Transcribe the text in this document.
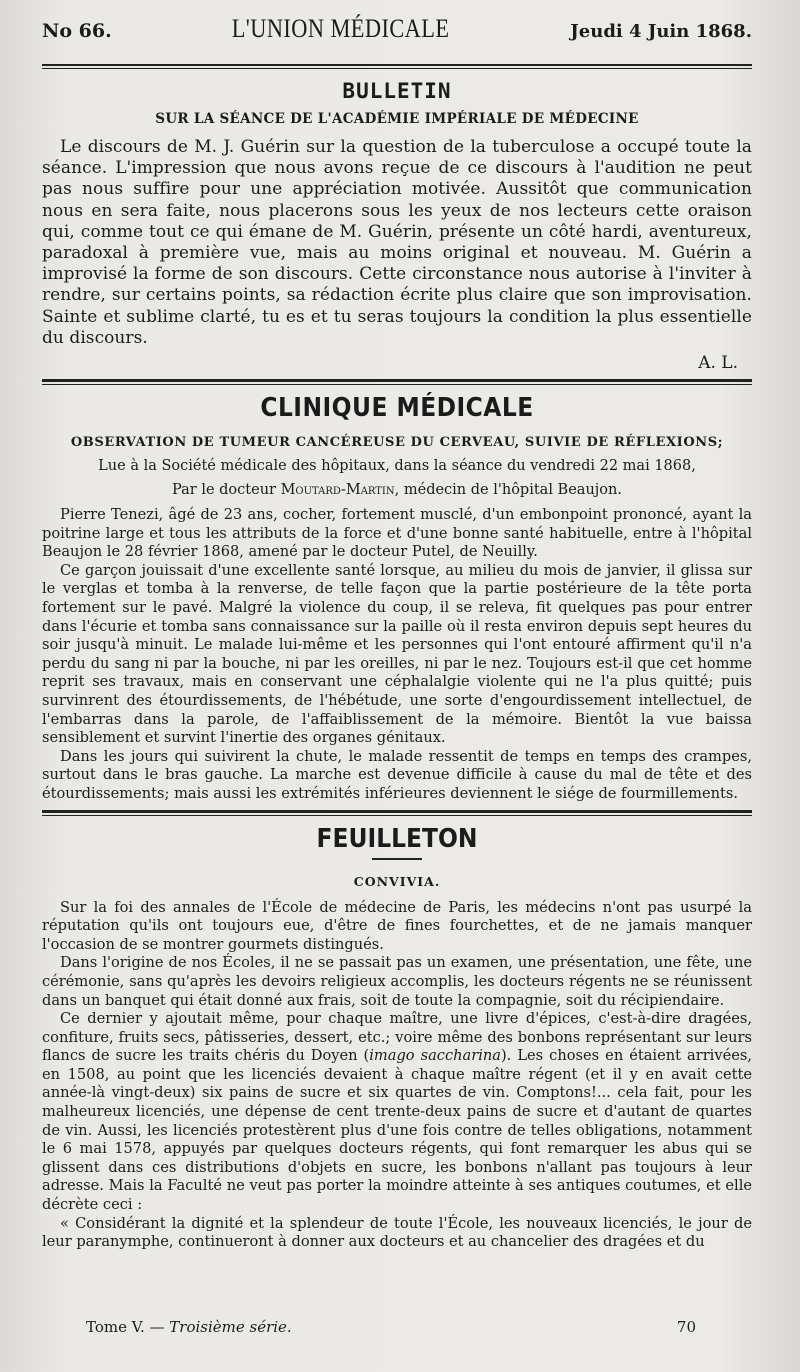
No 66.	L'UNION MÉDICALE	Jeudi 4 Juin 1868.
BULLETIN
SUR LA SÉANCE DE L'ACADÉMIE IMPÉRIALE DE MÉDECINE

Le discours de M. J. Guérin sur la question de la tuberculose a occupé toute la séance. L'impression que nous avons reçue de ce discours à l'audition ne peut pas nous suffire pour une appréciation motivée. Aussitôt que communication nous en sera faite, nous placerons sous les yeux de nos lecteurs cette oraison qui, comme tout ce qui émane de M. Guérin, présente un côté hardi, aventureux, paradoxal à première vue, mais au moins original et nouveau. M. Guérin a improvisé la forme de son discours. Cette circonstance nous autorise à l'inviter à rendre, sur certains points, sa rédaction écrite plus claire que son improvisation. Sainte et sublime clarté, tu es et tu seras toujours la condition la plus essentielle du discours.

A. L.
CLINIQUE MÉDICALE
OBSERVATION DE TUMEUR CANCÉREUSE DU CERVEAU, SUIVIE DE RÉFLEXIONS;
Lue à la Société médicale des hôpitaux, dans la séance du vendredi 22 mai 1868,
Par le docteur Moutard-Martin, médecin de l'hôpital Beaujon.

Pierre Tenezi, âgé de 23 ans, cocher, fortement musclé, d'un embonpoint prononcé, ayant la poitrine large et tous les attributs de la force et d'une bonne santé habituelle, entre à l'hôpital Beaujon le 28 février 1868, amené par le docteur Putel, de Neuilly.

Ce garçon jouissait d'une excellente santé lorsque, au milieu du mois de janvier, il glissa sur le verglas et tomba à la renverse, de telle façon que la partie postérieure de la tête porta fortement sur le pavé. Malgré la violence du coup, il se releva, fit quelques pas pour entrer dans l'écurie et tomba sans connaissance sur la paille où il resta environ depuis sept heures du soir jusqu'à minuit. Le malade lui-même et les personnes qui l'ont entouré affirment qu'il n'a perdu du sang ni par la bouche, ni par les oreilles, ni par le nez. Toujours est-il que cet homme reprit ses travaux, mais en conservant une céphalalgie violente qui ne l'a plus quitté; puis survinrent des étourdissements, de l'hébétude, une sorte d'engourdissement intellectuel, de l'embarras dans la parole, de l'affaiblissement de la mémoire. Bientôt la vue baissa sensiblement et survint l'inertie des organes génitaux.

Dans les jours qui suivirent la chute, le malade ressentit de temps en temps des crampes, surtout dans le bras gauche. La marche est devenue difficile à cause du mal de tête et des étourdissements; mais aussi les extrémités inférieures deviennent le siége de fourmillements.

FEUILLETON
CONVIVIA.

Sur la foi des annales de l'École de médecine de Paris, les médecins n'ont pas usurpé la réputation qu'ils ont toujours eue, d'être de fines fourchettes, et de ne jamais manquer l'occasion de se montrer gourmets distingués.

Dans l'origine de nos Écoles, il ne se passait pas un examen, une présentation, une fête, une cérémonie, sans qu'après les devoirs religieux accomplis, les docteurs régents ne se réunissent dans un banquet qui était donné aux frais, soit de toute la compagnie, soit du récipiendaire.

Ce dernier y ajoutait même, pour chaque maître, une livre d'épices, c'est-à-dire dragées, confiture, fruits secs, pâtisseries, dessert, etc.; voire même des bonbons représentant sur leurs flancs de sucre les traits chéris du Doyen (imago saccharina). Les choses en étaient arrivées, en 1508, au point que les licenciés devaient à chaque maître régent (et il y en avait cette année-là vingt-deux) six pains de sucre et six quartes de vin. Comptons!... cela fait, pour les malheureux licenciés, une dépense de cent trente-deux pains de sucre et d'autant de quartes de vin. Aussi, les licenciés protestèrent plus d'une fois contre de telles obligations, notamment le 6 mai 1578, appuyés par quelques docteurs régents, qui font remarquer les abus qui se glissent dans ces distributions d'objets en sucre, les bonbons n'allant pas toujours à leur adresse. Mais la Faculté ne veut pas porter la moindre atteinte à ses antiques coutumes, et elle décrète ceci :

« Considérant la dignité et la splendeur de toute l'École, les nouveaux licenciés, le jour de leur paranymphe, continueront à donner aux docteurs et au chancelier des dragées et du

Tome V. — Troisième série.	70
